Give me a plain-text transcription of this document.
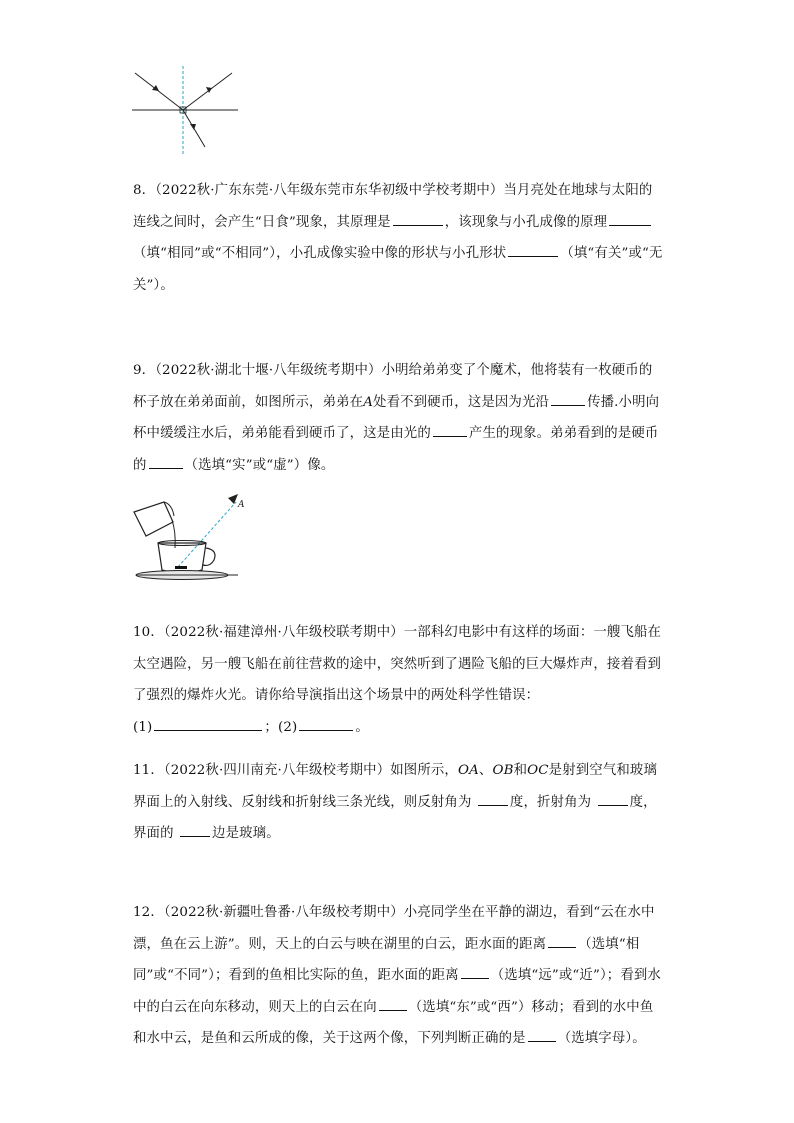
8．（2022秋·广东东莞·八年级东莞市东华初级中学校考期中）当月亮处在地球与太阳的连线之间时，会产生“日食”现象，其原理是	，该现象与小孔成像的原理（填“相同”或“不相同”），小孔成像实验中像的形状与小孔形状	（填“有关”或“无关”）。
9．（2022秋·湖北十堰·八年级统考期中）小明给弟弟变了个魔术，他将装有一枚硬币的杯子放在弟弟面前，如图所示，弟弟在A处看不到硬币，这是因为光沿	传播.小明向杯中缓缓注水后，弟弟能看到硬币了，这是由光的	产生的现象。弟弟看到的是硬币的	（选填“实”或“虚”）像。
A
10．（2022秋·福建漳州·八年级校联考期中）一部科幻电影中有这样的场面：一艘飞船在太空遇险，另一艘飞船在前往营救的途中，突然听到了遇险飞船的巨大爆炸声，接着看到了强烈的爆炸火光。请你给导演指出这个场景中的两处科学性错误：
(1)	；(2)	。
11．（2022秋·四川南充·八年级校考期中）如图所示，OA、OB和OC是射到空气和玻璃界面上的入射线、反射线和折射线三条光线，则反射角为	度，折射角为	度，界面的	边是玻璃。
12．（2022秋·新疆吐鲁番·八年级校考期中）小亮同学坐在平静的湖边，看到“云在水中漂，鱼在云上游”。则，天上的白云与映在湖里的白云，距水面的距离 （选填“相同”或“不同”）；看到的鱼相比实际的鱼，距水面的距离 （选填“远”或“近”）；看到水中的白云在向东移动，则天上的白云在向 （选填“东”或“西”）移动；看到的水中鱼和水中云，是鱼和云所成的像，关于这两个像，下列判断正确的是 （选填字母）。
